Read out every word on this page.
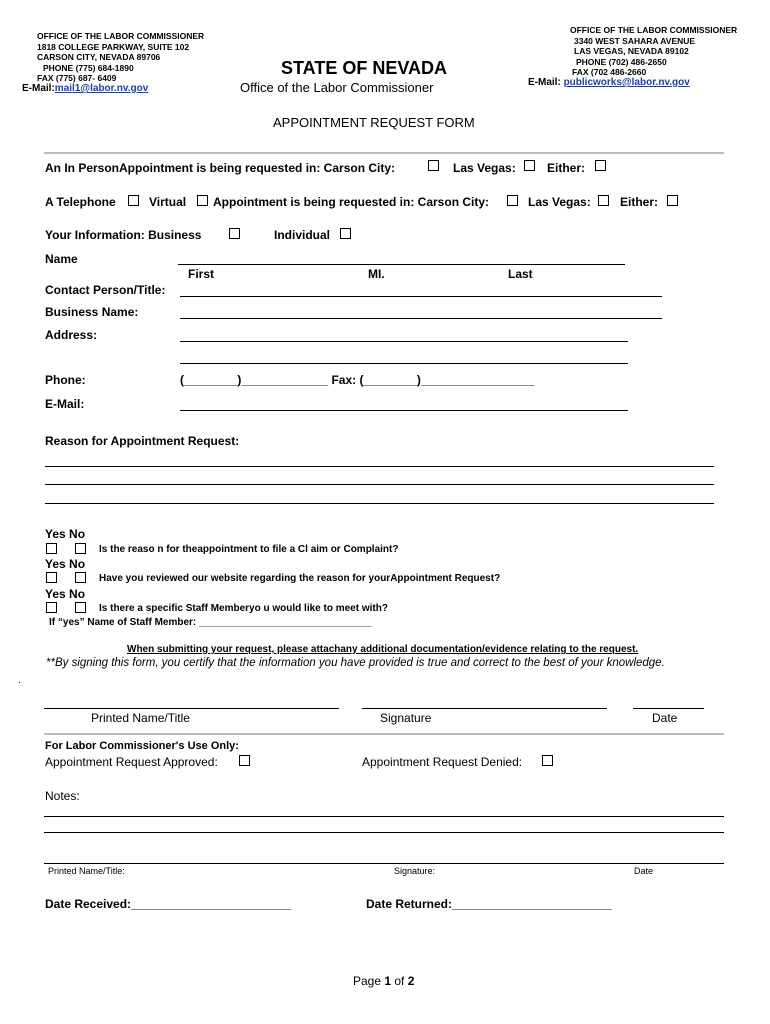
OFFICE OF THE LABOR COMMISSIONER
1818 COLLEGE PARKWAY, SUITE 102
CARSON CITY, NEVADA 89706
PHONE (775) 684-1890
FAX (775) 687- 6409
E-Mail:mail1@labor.nv.gov
STATE OF NEVADA
Office of the Labor Commissioner
OFFICE OF THE LABOR COMMISSIONER
3340 WEST SAHARA AVENUE
LAS VEGAS, NEVADA 89102
PHONE (702) 486-2650
FAX (702 486-2660
E-Mail: publicworks@labor.nv.gov
APPOINTMENT REQUEST FORM
An In PersonAppointment is being requested in: Carson City:	Las Vegas:	Either:
A Telephone	Virtual Appointment is being requested in: Carson City:	Las Vegas: Either:
Your Information: Business	Individual
Name
First	MI.	Last
Contact Person/Title:
Business Name:
Address:
Phone:	(________)_____________ Fax: (________)_________________
E-Mail:
Reason for Appointment Request:
Yes No
Is the reaso n for theappointment to file a Cl aim or Complaint?
Yes No
Have you reviewed our website regarding the reason for yourAppointment Request?
Yes No
Is there a specific Staff Memberyo u would like to meet with?
If “yes” Name of Staff Member: _______________________________
When submitting your request, please attachany additional documentation/evidence relating to the request.
**By signing this form, you certify that the information you have provided is true and correct to the best of your knowledge.
.
Printed Name/Title	Signature	Date
For Labor Commissioner's Use Only:
Appointment Request Approved:	Appointment Request Denied:
Notes:
Printed Name/Title:	Signature:	Date
Date Received:________________________	Date Returned:________________________
Page 1 of 2
